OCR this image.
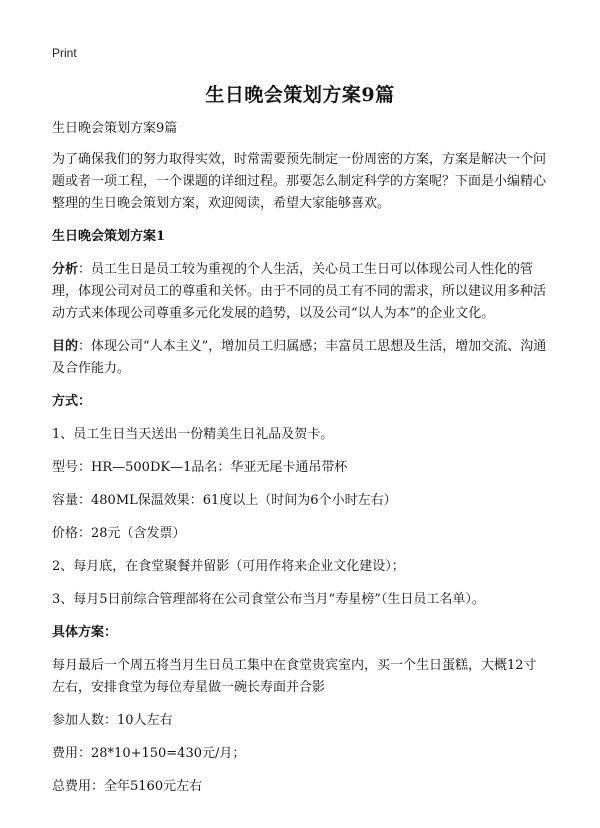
Print
生日晚会策划方案9篇

生日晚会策划方案9篇

为了确保我们的努力取得实效，时常需要预先制定一份周密的方案，方案是解决一个问题或者一项工程，一个课题的详细过程。那要怎么制定科学的方案呢？下面是小编精心整理的生日晚会策划方案，欢迎阅读，希望大家能够喜欢。

生日晚会策划方案1

分析：员工生日是员工较为重视的个人生活，关心员工生日可以体现公司人性化的管理，体现公司对员工的尊重和关怀。由于不同的员工有不同的需求，所以建议用多种活动方式来体现公司尊重多元化发展的趋势，以及公司“以人为本”的企业文化。

目的：体现公司“人本主义”，增加员工归属感；丰富员工思想及生活，增加交流、沟通及合作能力。

方式：

1、员工生日当天送出一份精美生日礼品及贺卡。

型号：HR—500DK—1品名：华亚无尾卡通吊带杯

容量：480ML保温效果：61度以上（时间为6个小时左右）

价格：28元（含发票）

2、每月底，在食堂聚餐并留影（可用作将来企业文化建设）；

3、每月5日前综合管理部将在公司食堂公布当月“寿星榜”（生日员工名单）。

具体方案：

每月最后一个周五将当月生日员工集中在食堂贵宾室内，买一个生日蛋糕，大概12寸左右，安排食堂为每位寿星做一碗长寿面并合影

参加人数：10人左右

费用：28*10+150=430元/月；

总费用：全年5160元左右
